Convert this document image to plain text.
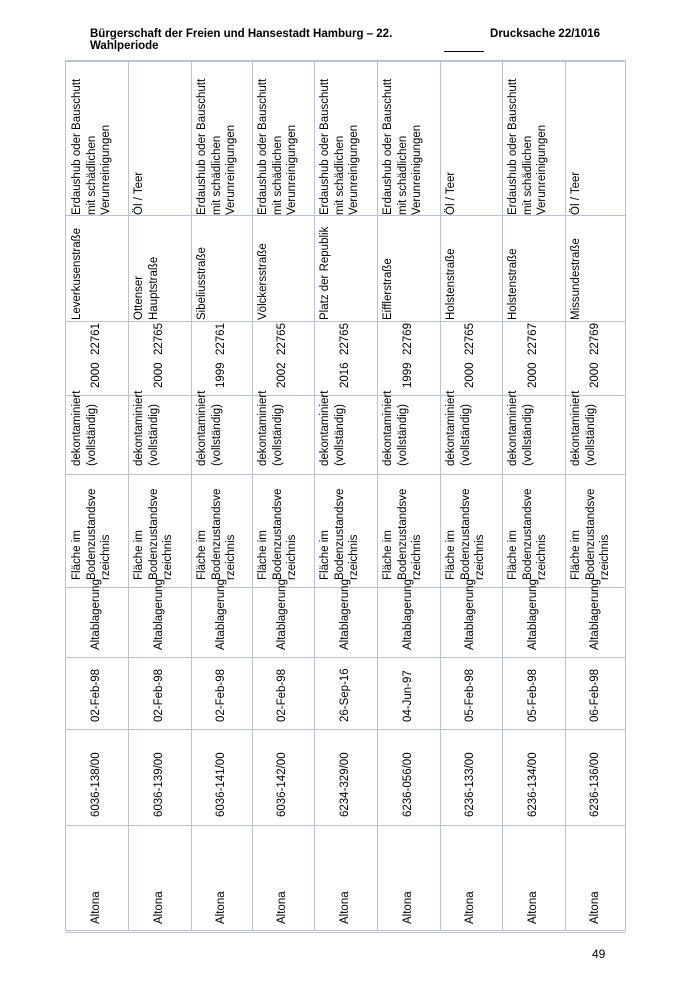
Bürgerschaft der Freien und Hansestadt Hamburg – 22. Wahlperiode
Drucksache 22/1016
Altona
6036-138/00
02-Feb-98
Altablagerung
Fläche im
Bodenzustandsve
rzeichnis
dekontaminiert
(vollständig)
2000
22761
Leverkusenstraße
Erdaushub oder Bauschutt
mit schädlichen
Verunreinigungen
Altona
6036-139/00
02-Feb-98
Altablagerung
Fläche im
Bodenzustandsve
rzeichnis
dekontaminiert
(vollständig)
2000
22765
Ottenser
Hauptstraße
Öl / Teer
Altona
6036-141/00
02-Feb-98
Altablagerung
Fläche im
Bodenzustandsve
rzeichnis
dekontaminiert
(vollständig)
1999
22761
Sibeliusstraße
Erdaushub oder Bauschutt
mit schädlichen
Verunreinigungen
Altona
6036-142/00
02-Feb-98
Altablagerung
Fläche im
Bodenzustandsve
rzeichnis
dekontaminiert
(vollständig)
2002
22765
Völckersstraße
Erdaushub oder Bauschutt
mit schädlichen
Verunreinigungen
Altona
6234-329/00
26-Sep-16
Altablagerung
Fläche im
Bodenzustandsve
rzeichnis
dekontaminiert
(vollständig)
2016
22765
Platz der Republik
Erdaushub oder Bauschutt
mit schädlichen
Verunreinigungen
Altona
6236-056/00
04-Jun-97
Altablagerung
Fläche im
Bodenzustandsve
rzeichnis
dekontaminiert
(vollständig)
1999
22769
Eifflerstraße
Erdaushub oder Bauschutt
mit schädlichen
Verunreinigungen
Altona
6236-133/00
05-Feb-98
Altablagerung
Fläche im
Bodenzustandsve
rzeichnis
dekontaminiert
(vollständig)
2000
22765
Holstenstraße
Öl / Teer
Altona
6236-134/00
05-Feb-98
Altablagerung
Fläche im
Bodenzustandsve
rzeichnis
dekontaminiert
(vollständig)
2000
22767
Holstenstraße
Erdaushub oder Bauschutt
mit schädlichen
Verunreinigungen
Altona
6236-136/00
06-Feb-98
Altablagerung
Fläche im
Bodenzustandsve
rzeichnis
dekontaminiert
(vollständig)
2000
22769
Missundestraße
Öl / Teer
49
